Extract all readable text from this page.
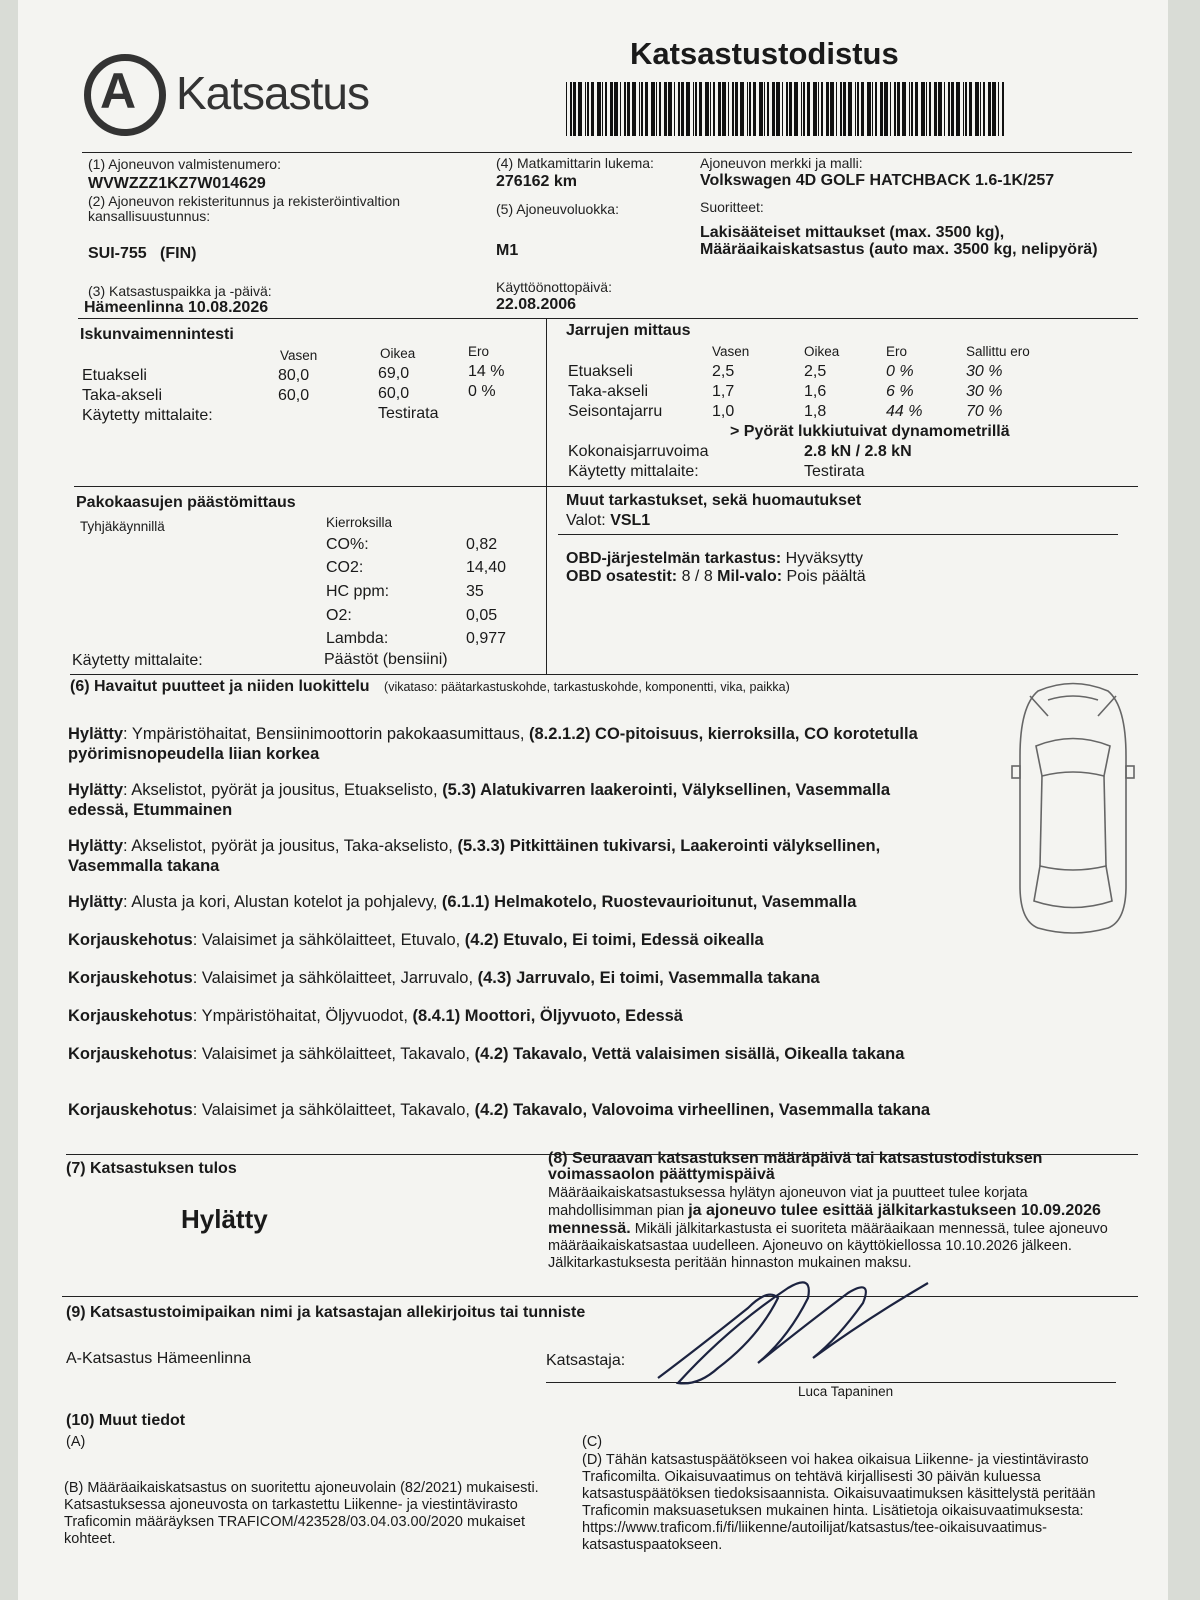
A Katsastus
Katsastustodistus
(1) Ajoneuvon valmistenumero:
WVWZZZ1KZ7W014629
(2) Ajoneuvon rekisteritunnus ja rekisteröintivaltion kansallisuustunnus:
SUI-755   (FIN)
(3) Katsastuspaikka ja -päivä:
Hämeenlinna 10.08.2026
(4) Matkamittarin lukema:
276162 km
(5) Ajoneuvoluokka:
M1
Käyttöönottopäivä:
22.08.2006
Ajoneuvon merkki ja malli:
Volkswagen 4D GOLF HATCHBACK 1.6-1K/257
Suoritteet:
Lakisääteiset mittaukset (max. 3500 kg), Määräaikaiskatsastus (auto max. 3500 kg, nelipyörä)
Iskunvaimennintesti
Vasen	Oikea	Ero
Etuakseli	80,0	69,0	14 %
Taka-akseli	60,0	60,0	0 %
Käytetty mittalaite:	Testirata
Jarrujen mittaus
Vasen	Oikea	Ero	Sallittu ero
Etuakseli	2,5	2,5	0 %	30 %
Taka-akseli	1,7	1,6	6 %	30 %
Seisontajarru	1,0	1,8	44 %	70 %
> Pyörät lukkiutuivat dynamometrillä
Kokonaisjarruvoima	2.8 kN / 2.8 kN
Käytetty mittalaite:	Testirata
Pakokaasujen päästömittaus
Tyhjäkäynnillä	Kierroksilla
CO%:	0,82
CO2:	14,40
HC ppm:	35
O2:	0,05
Lambda:	0,977
Käytetty mittalaite:	Päästöt (bensiini)
Muut tarkastukset, sekä huomautukset
Valot: VSL1
OBD-järjestelmän tarkastus: Hyväksytty
OBD osatestit: 8 / 8 Mil-valo: Pois päältä
(6) Havaitut puutteet ja niiden luokittelu (vikataso: päätarkastuskohde, tarkastuskohde, komponentti, vika, paikka)
Hylätty: Ympäristöhaitat, Bensiinimoottorin pakokaasumittaus, (8.2.1.2) CO-pitoisuus, kierroksilla, CO korotetulla pyörimisnopeudella liian korkea
Hylätty: Akselistot, pyörät ja jousitus, Etuakselisto, (5.3) Alatukivarren laakerointi, Välyksellinen, Vasemmalla edessä, Etummainen
Hylätty: Akselistot, pyörät ja jousitus, Taka-akselisto, (5.3.3) Pitkittäinen tukivarsi, Laakerointi välyksellinen, Vasemmalla takana
Hylätty: Alusta ja kori, Alustan kotelot ja pohjalevy, (6.1.1) Helmakotelo, Ruostevaurioitunut, Vasemmalla
Korjauskehotus: Valaisimet ja sähkölaitteet, Etuvalo, (4.2) Etuvalo, Ei toimi, Edessä oikealla
Korjauskehotus: Valaisimet ja sähkölaitteet, Jarruvalo, (4.3) Jarruvalo, Ei toimi, Vasemmalla takana
Korjauskehotus: Ympäristöhaitat, Öljyvuodot, (8.4.1) Moottori, Öljyvuoto, Edessä
Korjauskehotus: Valaisimet ja sähkölaitteet, Takavalo, (4.2) Takavalo, Vettä valaisimen sisällä, Oikealla takana
Korjauskehotus: Valaisimet ja sähkölaitteet, Takavalo, (4.2) Takavalo, Valovoima virheellinen, Vasemmalla takana
(7) Katsastuksen tulos
Hylätty
(8) Seuraavan katsastuksen määräpäivä tai katsastustodistuksen voimassaolon päättymispäivä
Määräaikaiskatsastuksessa hylätyn ajoneuvon viat ja puutteet tulee korjata mahdollisimman pian ja ajoneuvo tulee esittää jälkitarkastukseen 10.09.2026 mennessä. Mikäli jälkitarkastusta ei suoriteta määräaikaan mennessä, tulee ajoneuvo määräaikaiskatsastaa uudelleen. Ajoneuvo on käyttökiellossa 10.10.2026 jälkeen. Jälkitarkastuksesta peritään hinnaston mukainen maksu.
(9) Katsastustoimipaikan nimi ja katsastajan allekirjoitus tai tunniste
A-Katsastus Hämeenlinna	Katsastaja:
Luca Tapaninen
(10) Muut tiedot
(A)
(B) Määräaikaiskatsastus on suoritettu ajoneuvolain (82/2021) mukaisesti. Katsastuksessa ajoneuvosta on tarkastettu Liikenne- ja viestintävirasto Traficomin määräyksen TRAFICOM/423528/03.04.03.00/2020 mukaiset kohteet.
(C)
(D) Tähän katsastuspäätökseen voi hakea oikaisua Liikenne- ja viestintävirasto Traficomilta. Oikaisuvaatimus on tehtävä kirjallisesti 30 päivän kuluessa katsastuspäätöksen tiedoksisaannista. Oikaisuvaatimuksen käsittelystä peritään Traficomin maksuasetuksen mukainen hinta. Lisätietoja oikaisuvaatimuksesta: https://www.traficom.fi/fi/liikenne/autoilijat/katsastus/tee-oikaisuvaatimus-katsastuspaatokseen.
